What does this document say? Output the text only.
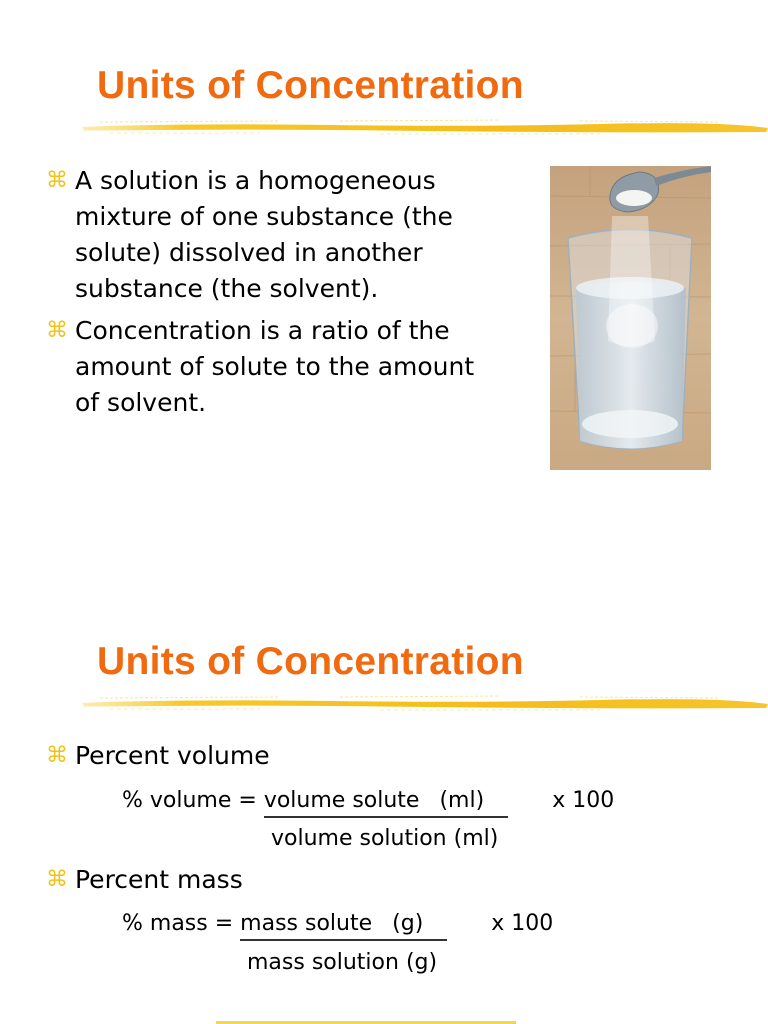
Units of Concentration
⌘ A solution is a homogeneous
mixture of one substance (the
solute) dissolved in another
substance (the solvent).
⌘ Concentration is a ratio of the
amount of solute to the amount
of solvent.
Units of Concentration
⌘ Percent volume
% volume = volume solute (ml)	x 100
volume solution (ml)
⌘ Percent mass
% mass = mass solute (g)	x 100
mass solution (g)
